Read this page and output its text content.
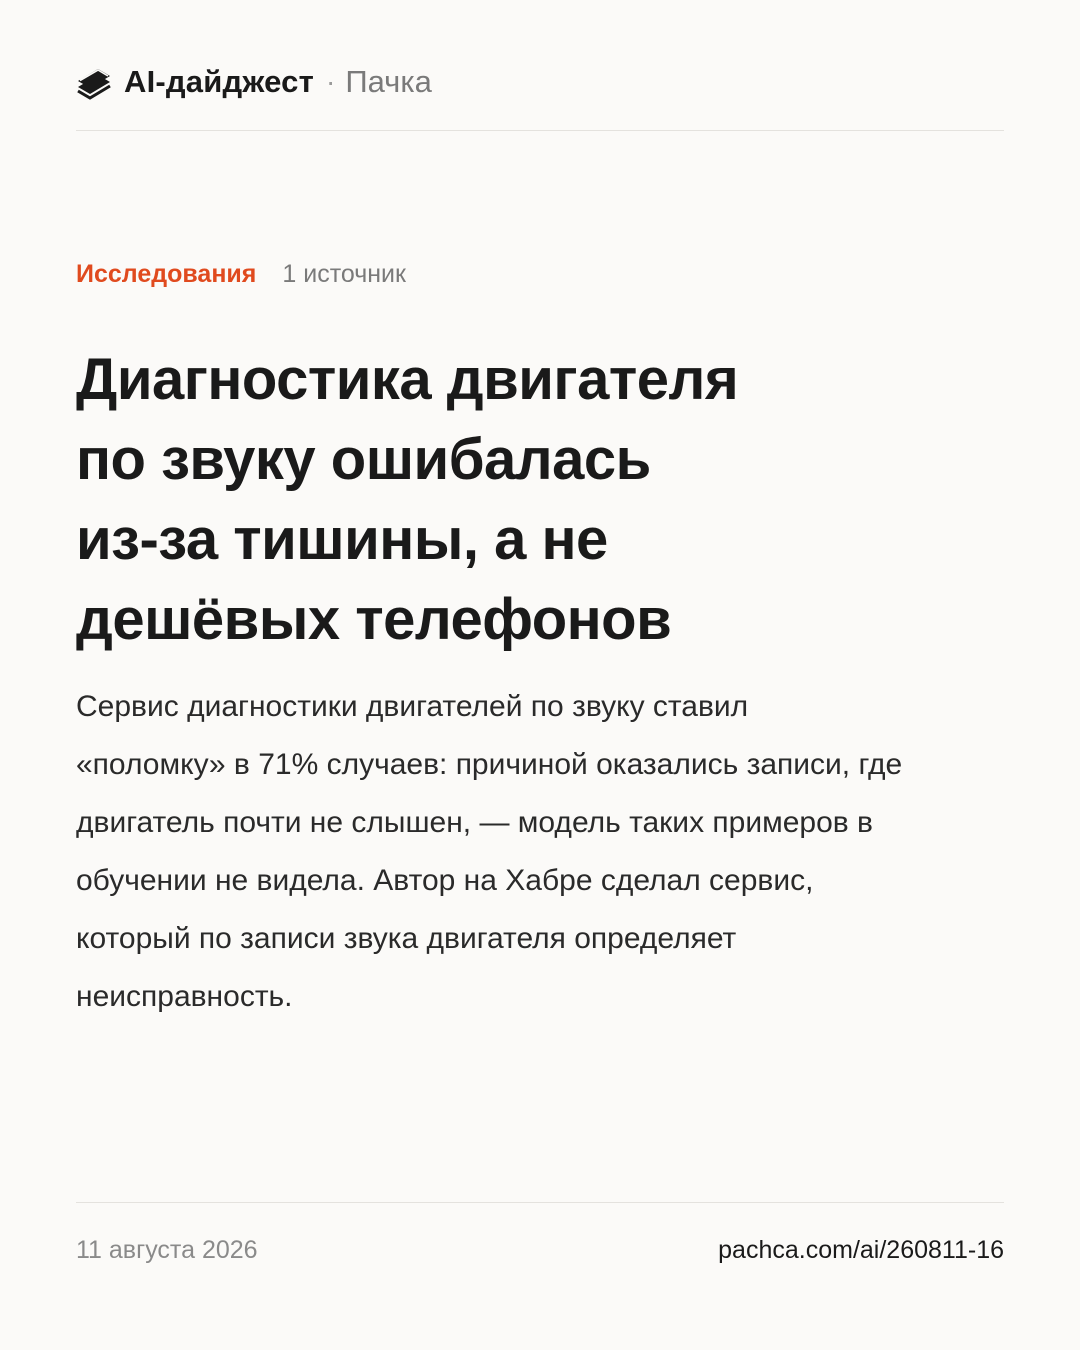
AI-дайджест · Пачка
Исследования 1 источник
Диагностика двигателя
по звуку ошибалась
из-за тишины, а не
дешёвых телефонов

Сервис диагностики двигателей по звуку ставил
«поломку» в 71% случаев: причиной оказались записи, где
двигатель почти не слышен, — модель таких примеров в
обучении не видела. Автор на Хабре сделал сервис,
который по записи звука двигателя определяет
неисправность.

11 августа 2026	pachca.com/ai/260811-16
